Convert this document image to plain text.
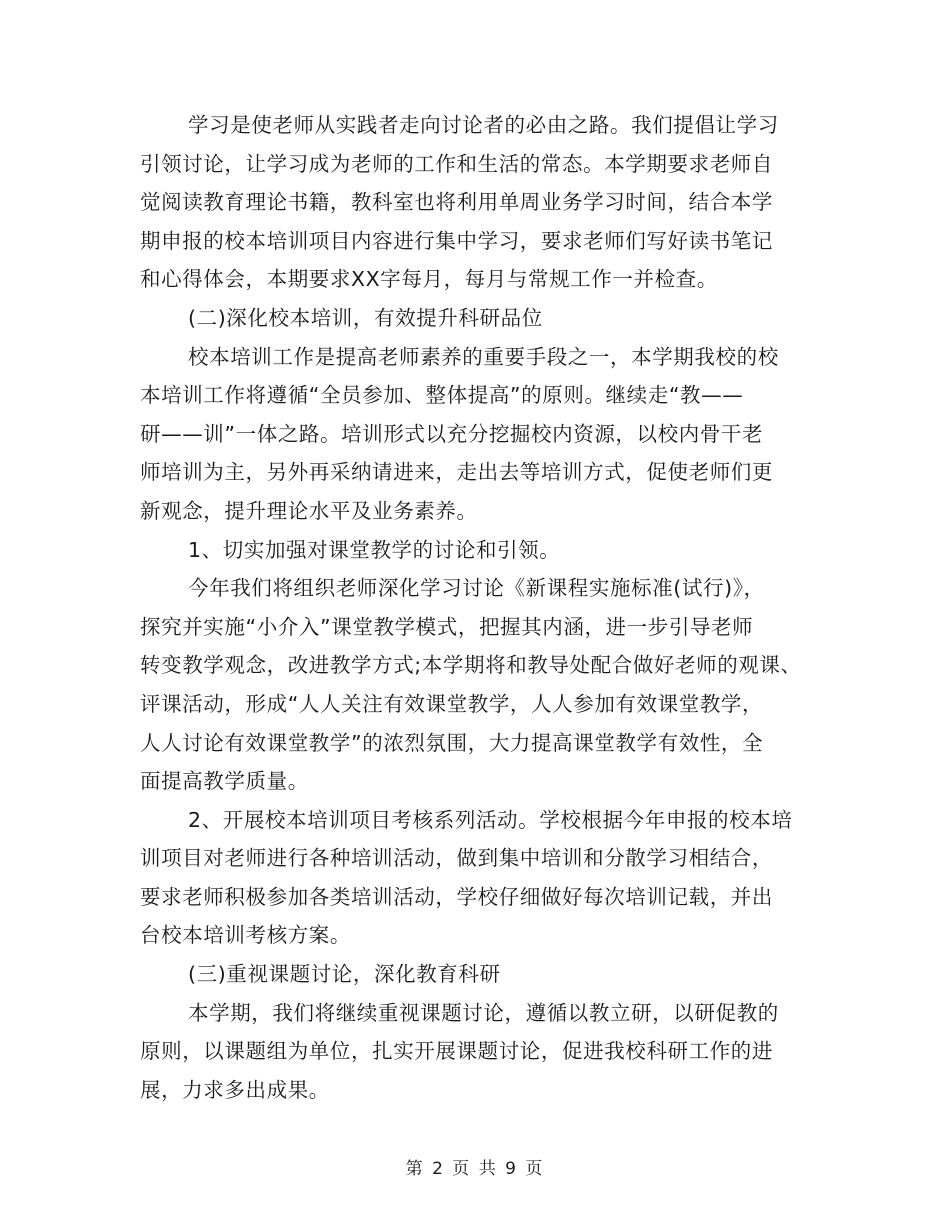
学习是使老师从实践者走向讨论者的必由之路。我们提倡让学习
引领讨论，让学习成为老师的工作和生活的常态。本学期要求老师自
觉阅读教育理论书籍，教科室也将利用单周业务学习时间，结合本学
期申报的校本培训项目内容进行集中学习，要求老师们写好读书笔记
和心得体会，本期要求XX字每月，每月与常规工作一并检查。
(二)深化校本培训，有效提升科研品位
校本培训工作是提高老师素养的重要手段之一，本学期我校的校
本培训工作将遵循“全员参加、整体提高”的原则。继续走“教——
研——训”一体之路。培训形式以充分挖掘校内资源，以校内骨干老
师培训为主，另外再采纳请进来，走出去等培训方式，促使老师们更
新观念，提升理论水平及业务素养。
1、切实加强对课堂教学的讨论和引领。
今年我们将组织老师深化学习讨论《新课程实施标准(试行)》，
探究并实施“小介入”课堂教学模式，把握其内涵，进一步引导老师
转变教学观念，改进教学方式;本学期将和教导处配合做好老师的观课、
评课活动，形成“人人关注有效课堂教学，人人参加有效课堂教学，
人人讨论有效课堂教学”的浓烈氛围，大力提高课堂教学有效性，全
面提高教学质量。
2、开展校本培训项目考核系列活动。学校根据今年申报的校本培
训项目对老师进行各种培训活动，做到集中培训和分散学习相结合，
要求老师积极参加各类培训活动，学校仔细做好每次培训记载，并出
台校本培训考核方案。
(三)重视课题讨论，深化教育科研
本学期，我们将继续重视课题讨论，遵循以教立研，以研促教的
原则，以课题组为单位，扎实开展课题讨论，促进我校科研工作的进
展，力求多出成果。
第 2 页 共 9 页
